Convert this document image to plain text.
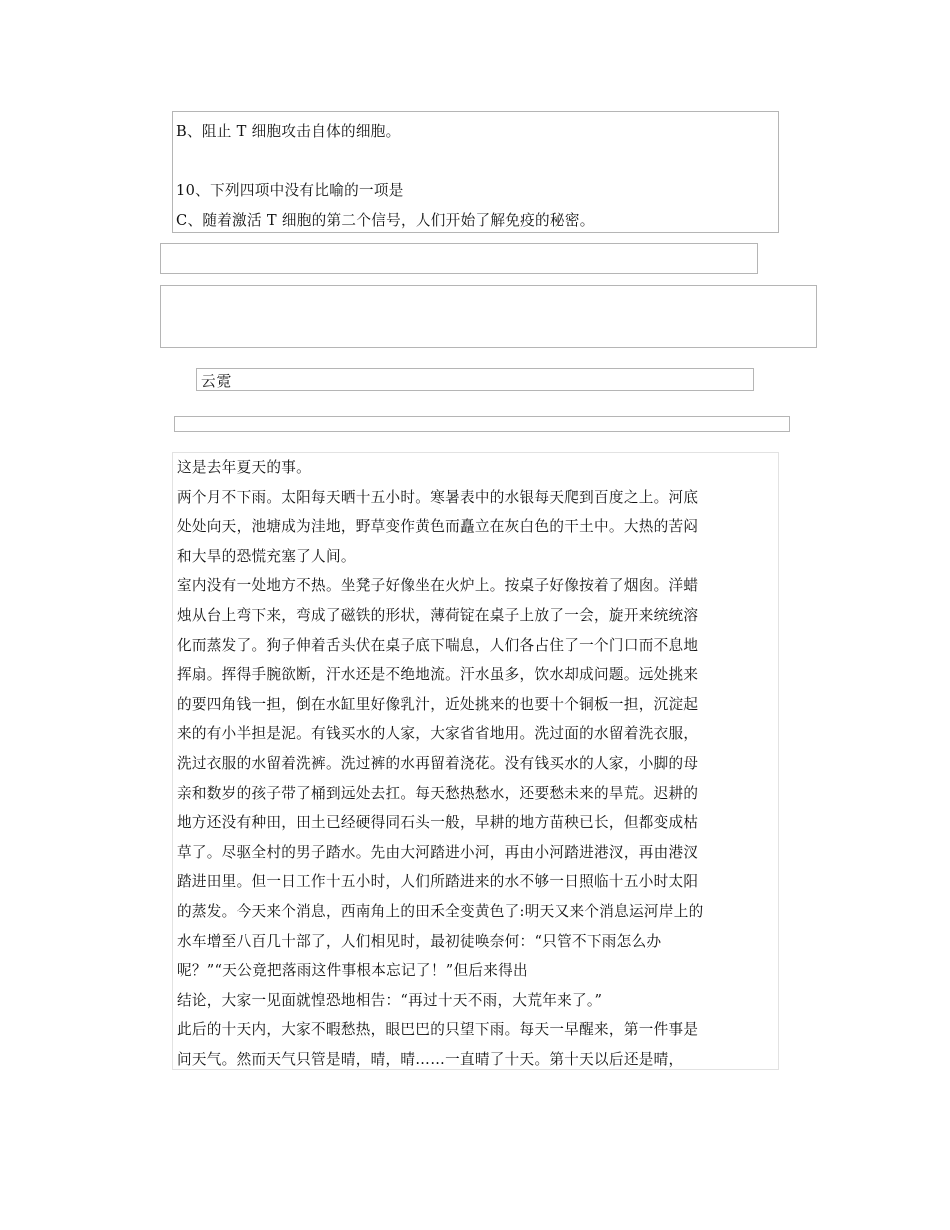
B、阻止 T 细胞攻击自体的细胞。
10、下列四项中没有比喻的一项是
C、随着激活 T 细胞的第二个信号，人们开始了解免疫的秘密。
云霓
这是去年夏天的事。
两个月不下雨。太阳每天晒十五小时。寒暑表中的水银每天爬到百度之上。河底
处处向天，池塘成为洼地，野草变作黄色而矗立在灰白色的干土中。大热的苦闷
和大旱的恐慌充塞了人间。
室内没有一处地方不热。坐凳子好像坐在火炉上。按桌子好像按着了烟囱。洋蜡
烛从台上弯下来，弯成了磁铁的形状，薄荷锭在桌子上放了一会，旋开来统统溶
化而蒸发了。狗子伸着舌头伏在桌子底下喘息，人们各占住了一个门口而不息地
挥扇。挥得手腕欲断，汗水还是不绝地流。汗水虽多，饮水却成问题。远处挑来
的要四角钱一担，倒在水缸里好像乳汁，近处挑来的也要十个铜板一担，沉淀起
来的有小半担是泥。有钱买水的人家，大家省省地用。洗过面的水留着洗衣服，
洗过衣服的水留着洗裤。洗过裤的水再留着浇花。没有钱买水的人家，小脚的母
亲和数岁的孩子带了桶到远处去扛。每天愁热愁水，还要愁未来的旱荒。迟耕的
地方还没有种田，田土已经硬得同石头一般，早耕的地方苗秧已长，但都变成枯
草了。尽驱全村的男子踏水。先由大河踏进小河，再由小河踏进港汊，再由港汊
踏进田里。但一日工作十五小时，人们所踏进来的水不够一日照临十五小时太阳
的蒸发。今天来个消息，西南角上的田禾全变黄色了:明天又来个消息运河岸上的
水车增至八百几十部了，人们相见时，最初徒唤奈何：“只管不下雨怎么办
呢？”“天公竟把落雨这件事根本忘记了！”但后来得出
结论，大家一见面就惶恐地相告：“再过十天不雨，大荒年来了。”
此后的十天内，大家不暇愁热，眼巴巴的只望下雨。每天一早醒来，第一件事是
问天气。然而天气只管是晴，晴，晴……一直晴了十天。第十天以后还是晴，
